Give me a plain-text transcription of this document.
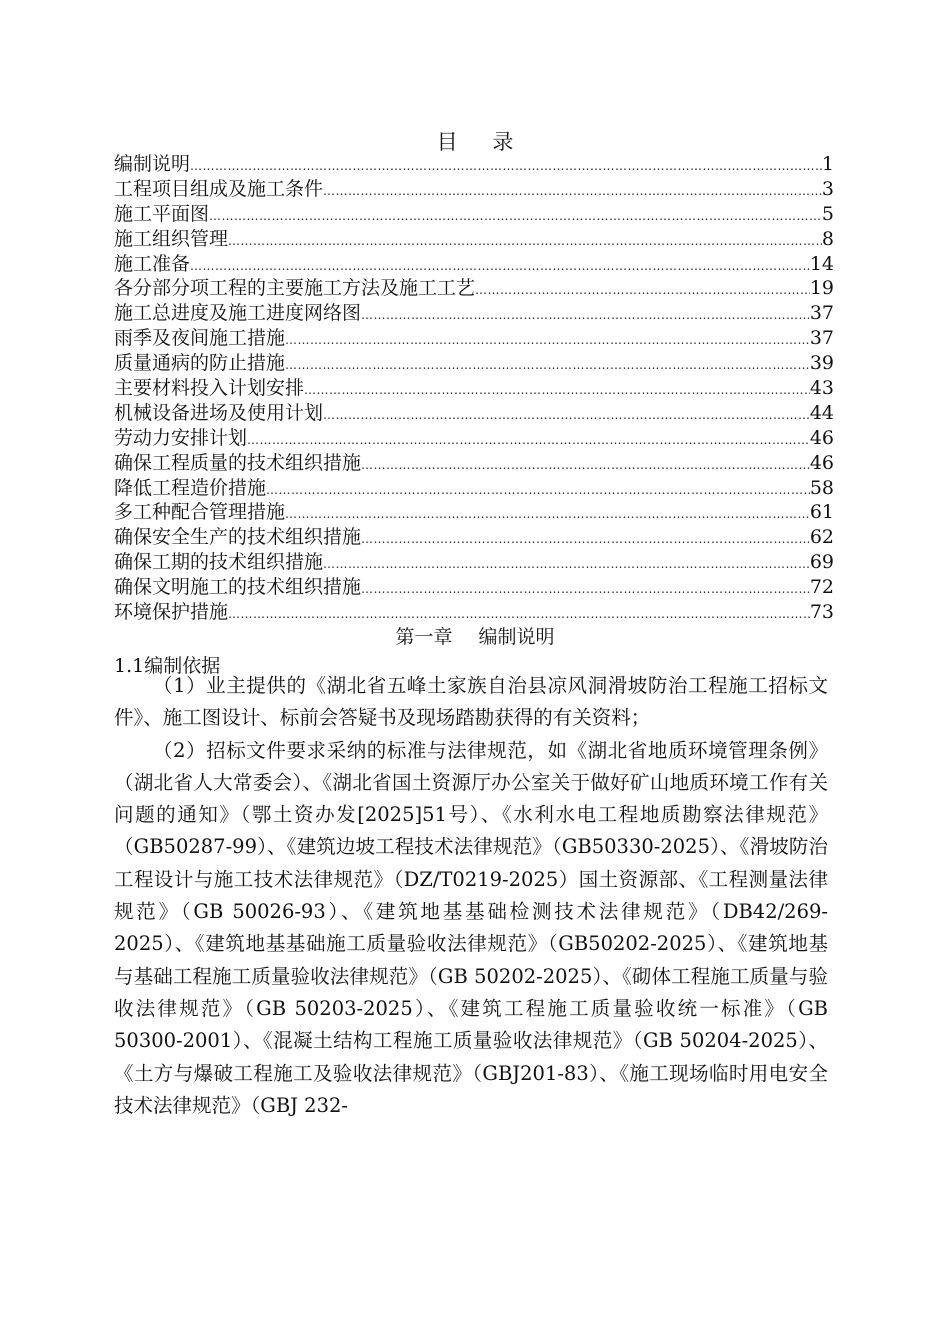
目 录
编制说明 ……………………………………………………………………………………………………………………………………………………………………………………	1
工程项目组成及施工条件 ……………………………………………………………………………………………………………………………………………………………………………………	3
施工平面图 ……………………………………………………………………………………………………………………………………………………………………………………	5
施工组织管理 ……………………………………………………………………………………………………………………………………………………………………………………	8
施工准备 ……………………………………………………………………………………………………………………………………………………………………………………	14
各分部分项工程的主要施工方法及施工工艺 ……………………………………………………………………………………………………………………………………………………………………………………	19
施工总进度及施工进度网络图 ……………………………………………………………………………………………………………………………………………………………………………………	37
雨季及夜间施工措施 ……………………………………………………………………………………………………………………………………………………………………………………	37
质量通病的防止措施 ……………………………………………………………………………………………………………………………………………………………………………………	39
主要材料投入计划安排 ……………………………………………………………………………………………………………………………………………………………………………………	43
机械设备进场及使用计划 ……………………………………………………………………………………………………………………………………………………………………………………	44
劳动力安排计划 ……………………………………………………………………………………………………………………………………………………………………………………	46
确保工程质量的技术组织措施 ……………………………………………………………………………………………………………………………………………………………………………………	46
降低工程造价措施 ……………………………………………………………………………………………………………………………………………………………………………………	58
多工种配合管理措施 ……………………………………………………………………………………………………………………………………………………………………………………	61
确保安全生产的技术组织措施 ……………………………………………………………………………………………………………………………………………………………………………………	62
确保工期的技术组织措施 ……………………………………………………………………………………………………………………………………………………………………………………	69
确保文明施工的技术组织措施 ……………………………………………………………………………………………………………………………………………………………………………………	72
环境保护措施 ……………………………………………………………………………………………………………………………………………………………………………………	73
第一章 编制说明
1.1编制依据

（1）业主提供的《湖北省五峰土家族自治县凉风洞滑坡防治工程施工招标文件》、施工图设计、标前会答疑书及现场踏勘获得的有关资料；

（2）招标文件要求采纳的标准与法律规范，如《湖北省地质环境管理条例》（湖北省人大常委会）、《湖北省国土资源厅办公室关于做好矿山地质环境工作有关问题的通知》（鄂土资办发[2025]51号）、《水利水电工程地质勘察法律规范》（GB50287-99）、《建筑边坡工程技术法律规范》（GB50330-2025）、《滑坡防治工程设计与施工技术法律规范》（DZ/T0219-2025）国土资源部、《工程测量法律规范》（GB 50026-93）、《建筑地基基础检测技术法律规范》（DB42/269-2025）、《建筑地基基础施工质量验收法律规范》（GB50202-2025）、《建筑地基与基础工程施工质量验收法律规范》（GB 50202-2025）、《砌体工程施工质量与验收法律规范》（GB 50203-2025）、《建筑工程施工质量验收统一标准》（GB 50300-2001）、《混凝土结构工程施工质量验收法律规范》（GB 50204-2025）、《土方与爆破工程施工及验收法律规范》（GBJ201-83）、《施工现场临时用电安全技术法律规范》（GBJ 232-
